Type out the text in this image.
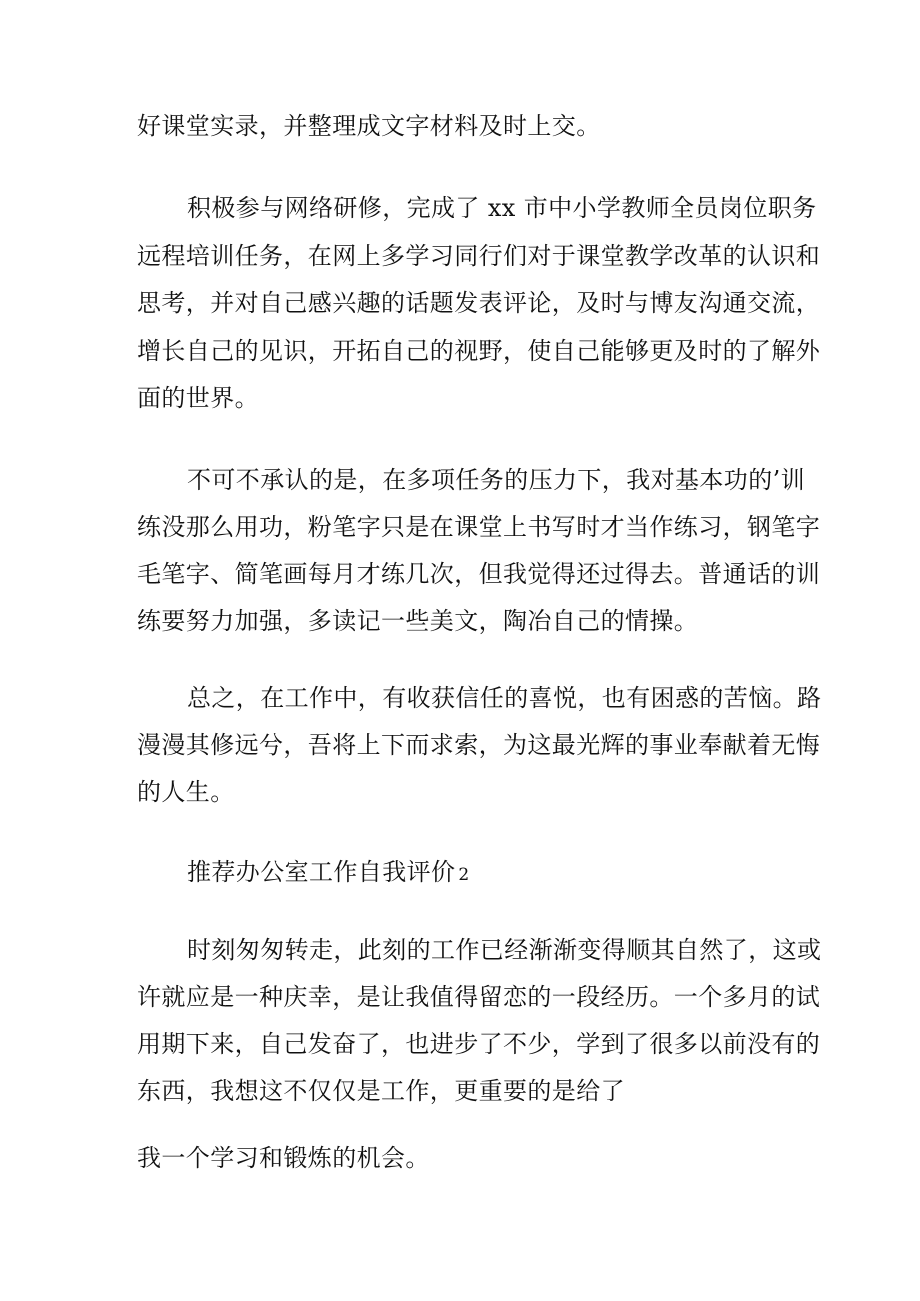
好课堂实录，并整理成文字材料及时上交。
积极参与网络研修，完成了 xx 市中小学教师全员岗位职务
远程培训任务，在网上多学习同行们对于课堂教学改革的认识和
思考，并对自己感兴趣的话题发表评论，及时与博友沟通交流，
增长自己的见识，开拓自己的视野，使自己能够更及时的了解外
面的世界。
不可不承认的是，在多项任务的压力下，我对基本功的’训
练没那么用功，粉笔字只是在课堂上书写时才当作练习，钢笔字
毛笔字、简笔画每月才练几次，但我觉得还过得去。普通话的训
练要努力加强，多读记一些美文，陶冶自己的情操。
总之，在工作中，有收获信任的喜悦，也有困惑的苦恼。路
漫漫其修远兮，吾将上下而求索，为这最光辉的事业奉献着无悔
的人生。
推荐办公室工作自我评价 2
时刻匆匆转走，此刻的工作已经渐渐变得顺其自然了，这或
许就应是一种庆幸，是让我值得留恋的一段经历。一个多月的试
用期下来，自己发奋了，也进步了不少，学到了很多以前没有的
东西，我想这不仅仅是工作，更重要的是给了
我一个学习和锻炼的机会。
